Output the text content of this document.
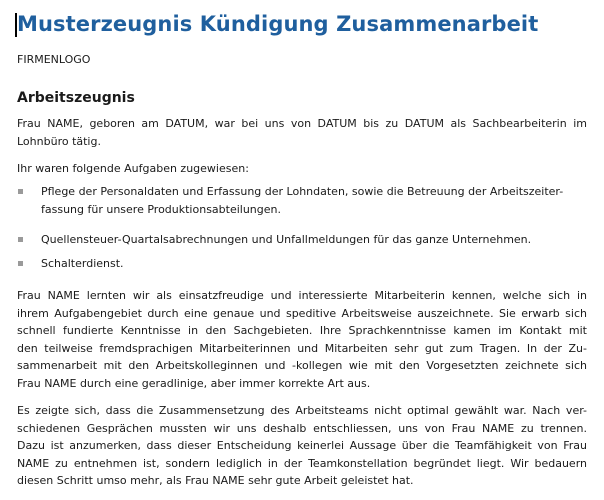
Musterzeugnis Kündigung Zusammenarbeit
FIRMENLOGO
Arbeitszeugnis

Frau NAME, geboren am DATUM, war bei uns von DATUM bis zu DATUM als Sachbearbeiterin im
Lohnbüro tätig.

Ihr waren folgende Aufgaben zugewiesen:

Pflege der Personaldaten und Erfassung der Lohndaten, sowie die Betreuung der Arbeitszeiter-
fassung für unsere Produktionsabteilungen.
Quellensteuer-Quartalsabrechnungen und Unfallmeldungen für das ganze Unternehmen.
Schalterdienst.

Frau NAME lernten wir als einsatzfreudige und interessierte Mitarbeiterin kennen, welche sich in
ihrem Aufgabengebiet durch eine genaue und speditive Arbeitsweise auszeichnete. Sie erwarb sich
schnell fundierte Kenntnisse in den Sachgebieten. Ihre Sprachkenntnisse kamen im Kontakt mit
den teilweise fremdsprachigen Mitarbeiterinnen und Mitarbeiten sehr gut zum Tragen. In der Zu-
sammenarbeit mit den Arbeitskolleginnen und -kollegen wie mit den Vorgesetzten zeichnete sich
Frau NAME durch eine geradlinige, aber immer korrekte Art aus.

Es zeigte sich, dass die Zusammensetzung des Arbeitsteams nicht optimal gewählt war. Nach ver-
schiedenen Gesprächen mussten wir uns deshalb entschliessen, uns von Frau NAME zu trennen.
Dazu ist anzumerken, dass dieser Entscheidung keinerlei Aussage über die Teamfähigkeit von Frau
NAME zu entnehmen ist, sondern lediglich in der Teamkonstellation begründet liegt. Wir bedauern
diesen Schritt umso mehr, als Frau NAME sehr gute Arbeit geleistet hat.
